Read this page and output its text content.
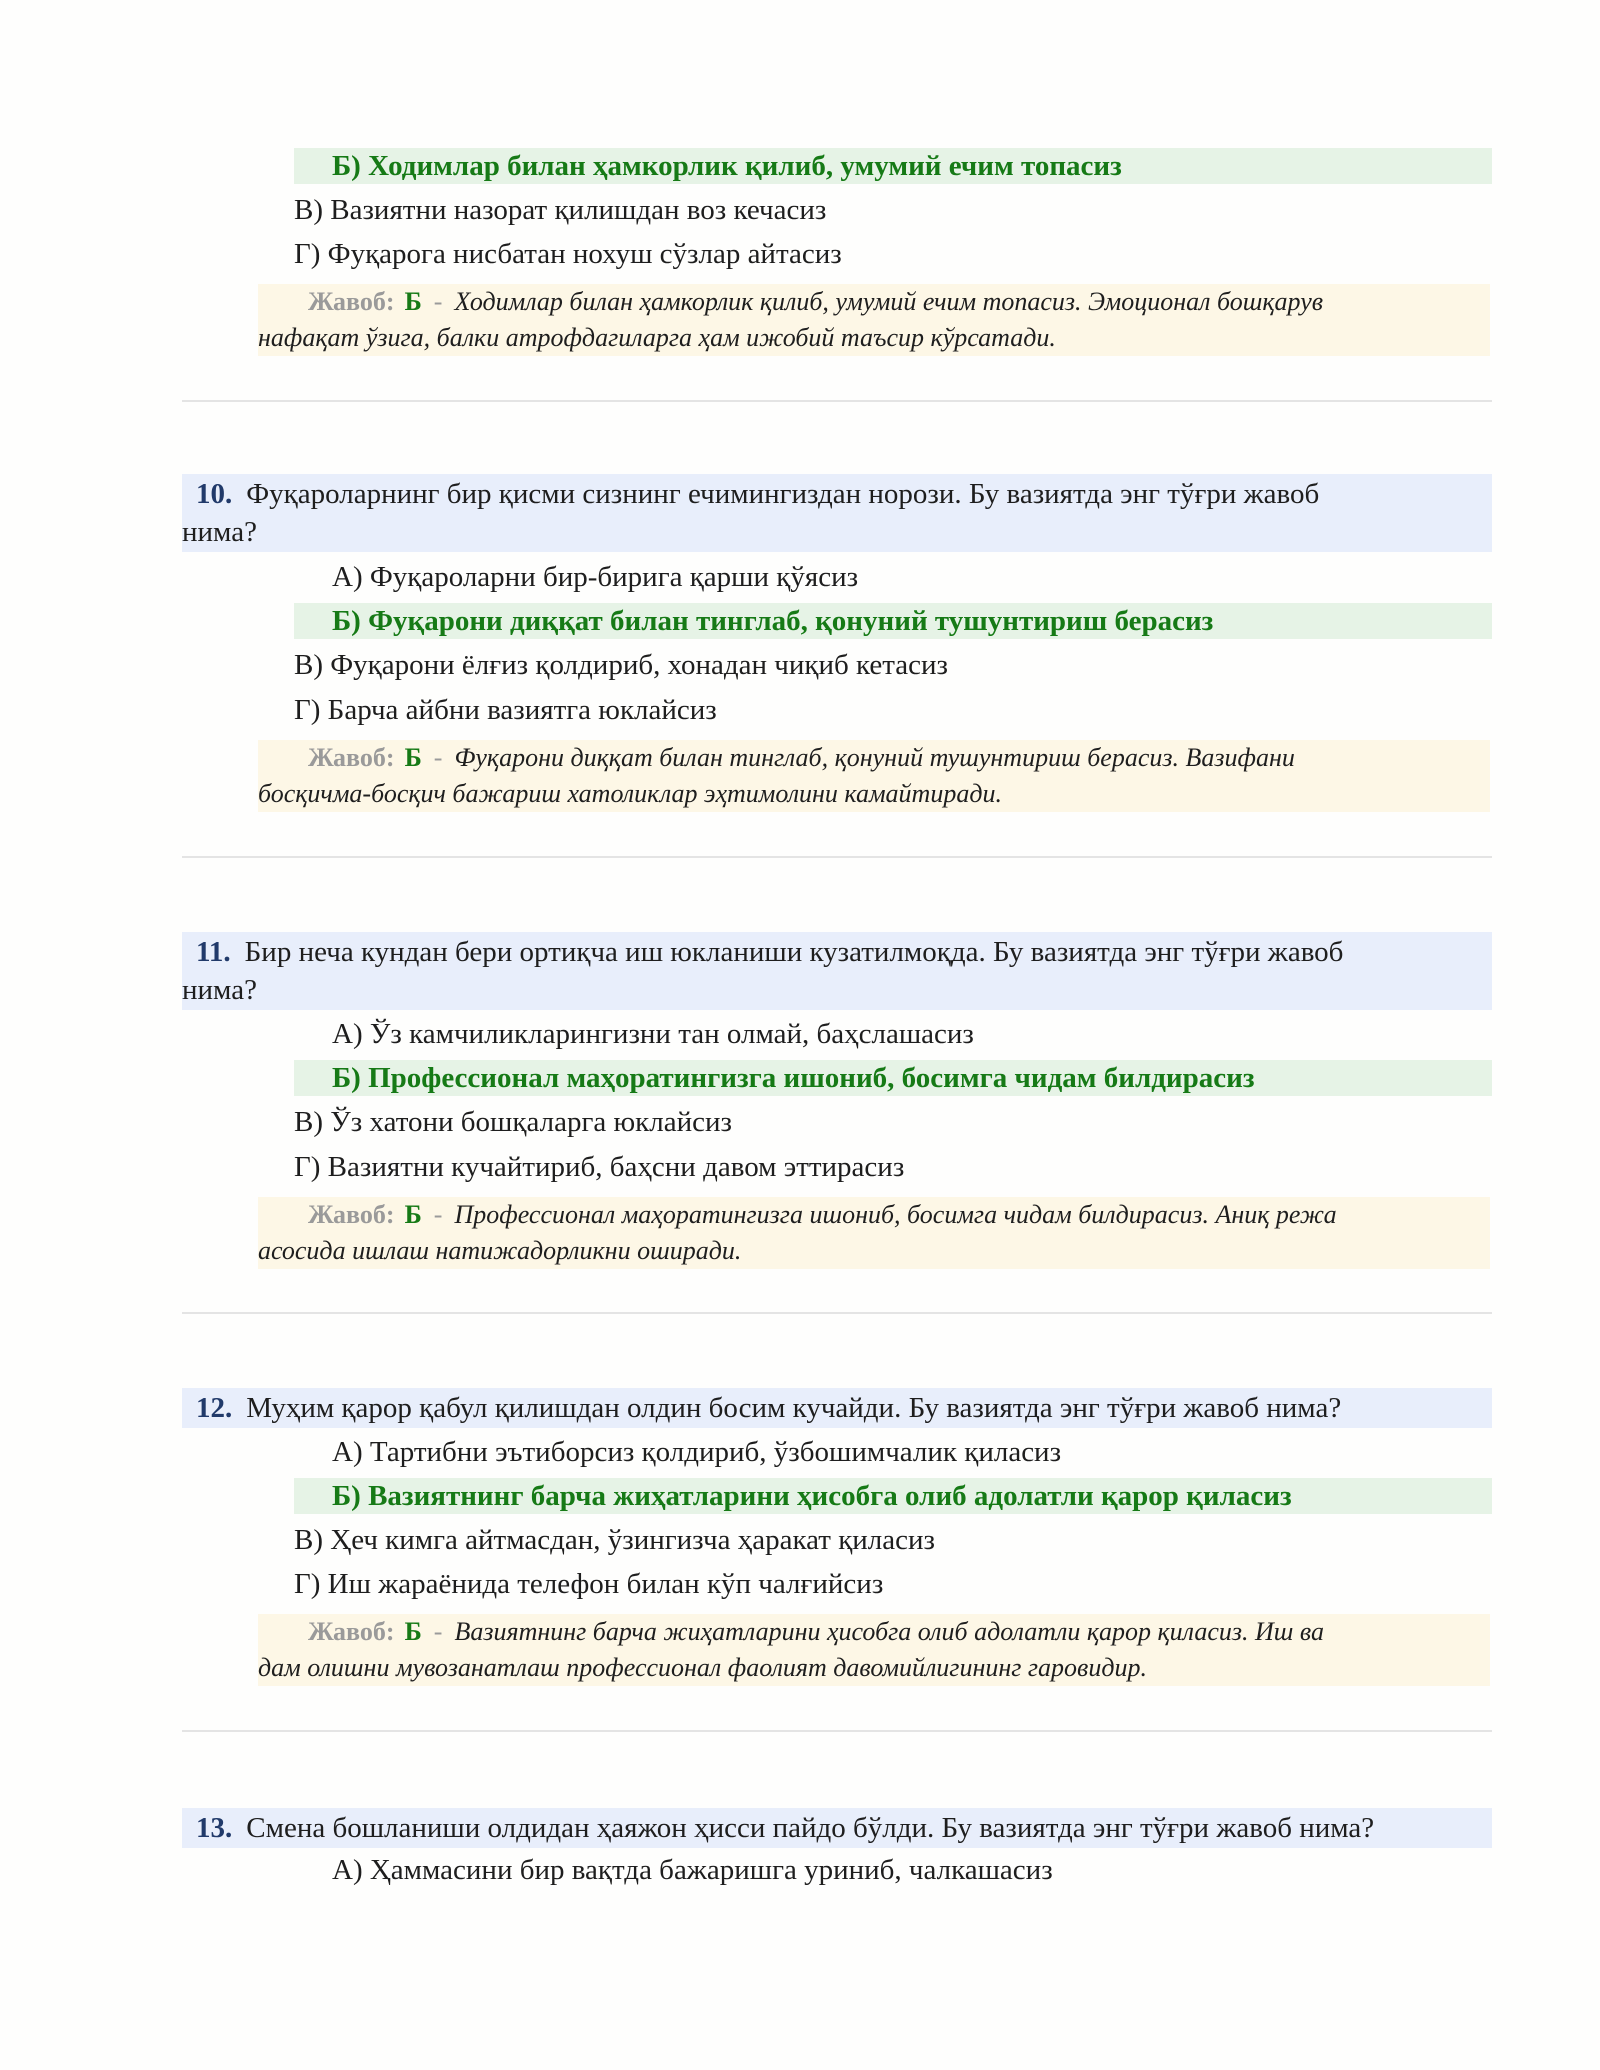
Б) Ходимлар билан ҳамкорлик қилиб, умумий ечим топасиз
В) Вазиятни назорат қилишдан воз кечасиз
Г) Фуқарога нисбатан нохуш сўзлар айтасиз
Жавоб: Б - Ходимлар билан ҳамкорлик қилиб, умумий ечим топасиз. Эмоционал бошқарув
нафақат ўзига, балки атрофдагиларга ҳам ижобий таъсир кўрсатади.
10. Фуқароларнинг бир қисми сизнинг ечимингиздан норози. Бу вазиятда энг тўғри жавоб
нима?
А) Фуқароларни бир-бирига қарши қўясиз
Б) Фуқарони диққат билан тинглаб, қонуний тушунтириш берасиз
В) Фуқарони ёлғиз қолдириб, хонадан чиқиб кетасиз
Г) Барча айбни вазиятга юклайсиз
Жавоб: Б - Фуқарони диққат билан тинглаб, қонуний тушунтириш берасиз. Вазифани
босқичма-босқич бажариш хатоликлар эҳтимолини камайтиради.
11. Бир неча кундан бери ортиқча иш юкланиши кузатилмоқда. Бу вазиятда энг тўғри жавоб
нима?
А) Ўз камчиликларингизни тан олмай, баҳслашасиз
Б) Профессионал маҳоратингизга ишониб, босимга чидам билдирасиз
В) Ўз хатони бошқаларга юклайсиз
Г) Вазиятни кучайтириб, баҳсни давом эттирасиз
Жавоб: Б - Профессионал маҳоратингизга ишониб, босимга чидам билдирасиз. Аниқ режа
асосида ишлаш натижадорликни оширади.
12. Муҳим қарор қабул қилишдан олдин босим кучайди. Бу вазиятда энг тўғри жавоб нима?
А) Тартибни эътиборсиз қолдириб, ўзбошимчалик қиласиз
Б) Вазиятнинг барча жиҳатларини ҳисобга олиб адолатли қарор қиласиз
В) Ҳеч кимга айтмасдан, ўзингизча ҳаракат қиласиз
Г) Иш жараёнида телефон билан кўп чалғийсиз
Жавоб: Б - Вазиятнинг барча жиҳатларини ҳисобга олиб адолатли қарор қиласиз. Иш ва
дам олишни мувозанатлаш профессионал фаолият давомийлигининг гаровидир.
13. Смена бошланиши олдидан ҳаяжон ҳисси пайдо бўлди. Бу вазиятда энг тўғри жавоб нима?
А) Ҳаммасини бир вақтда бажаришга уриниб, чалкашасиз
